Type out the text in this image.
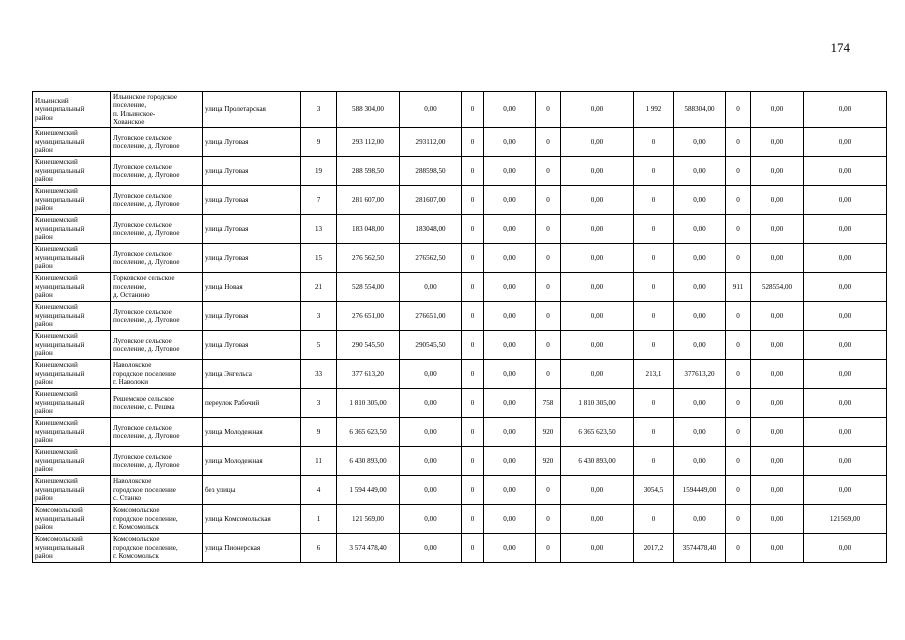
174
Ильинский
муниципальный
район	Ильинское городское
поселение,
п. Ильинское-
Хованское	улица Пролетарская	3	588 304,00	0,00	0	0,00	0	0,00	1 992	588304,00	0	0,00	0,00
Кинешемский
муниципальный
район	Луговское сельское
поселение, д. Луговое	улица Луговая	9	293 112,00	293112,00	0	0,00	0	0,00	0	0,00	0	0,00	0,00
Кинешемский
муниципальный
район	Луговское сельское
поселение, д. Луговое	улица Луговая	19	288 598,50	288598,50	0	0,00	0	0,00	0	0,00	0	0,00	0,00
Кинешемский
муниципальный
район	Луговское сельское
поселение, д. Луговое	улица Луговая	7	281 607,00	281607,00	0	0,00	0	0,00	0	0,00	0	0,00	0,00
Кинешемский
муниципальный
район	Луговское сельское
поселение, д. Луговое	улица Луговая	13	183 048,00	183048,00	0	0,00	0	0,00	0	0,00	0	0,00	0,00
Кинешемский
муниципальный
район	Луговское сельское
поселение, д. Луговое	улица Луговая	15	276 562,50	276562,50	0	0,00	0	0,00	0	0,00	0	0,00	0,00
Кинешемский
муниципальный
район	Горковское сельское
поселение,
д. Останино	улица Новая	21	528 554,00	0,00	0	0,00	0	0,00	0	0,00	911	528554,00	0,00
Кинешемский
муниципальный
район	Луговское сельское
поселение, д. Луговое	улица Луговая	3	276 651,00	276651,00	0	0,00	0	0,00	0	0,00	0	0,00	0,00
Кинешемский
муниципальный
район	Луговское сельское
поселение, д. Луговое	улица Луговая	5	290 545,50	290545,50	0	0,00	0	0,00	0	0,00	0	0,00	0,00
Кинешемский
муниципальный
район	Наволокское
городское поселение
г. Наволоки	улица Энгельса	33	377 613,20	0,00	0	0,00	0	0,00	213,1	377613,20	0	0,00	0,00
Кинешемский
муниципальный
район	Решемское сельское
поселение, с. Решма	переулок Рабочий	3	1 810 305,00	0,00	0	0,00	758	1 810 305,00	0	0,00	0	0,00	0,00
Кинешемский
муниципальный
район	Луговское сельское
поселение, д. Луговое	улица Молодежная	9	6 365 623,50	0,00	0	0,00	920	6 365 623,50	0	0,00	0	0,00	0,00
Кинешемский
муниципальный
район	Луговское сельское
поселение, д. Луговое	улица Молодежная	11	6 430 893,00	0,00	0	0,00	920	6 430 893,00	0	0,00	0	0,00	0,00
Кинешемский
муниципальный
район	Наволокское
городское поселение
с. Станко	без улицы	4	1 594 449,00	0,00	0	0,00	0	0,00	3054,5	1594449,00	0	0,00	0,00
Комсомольский
муниципальный
район	Комсомольское
городское поселение,
г. Комсомольск	улица Комсомольская	1	121 569,00	0,00	0	0,00	0	0,00	0	0,00	0	0,00	121569,00
Комсомольский
муниципальный
район	Комсомольское
городское поселение,
г. Комсомольск	улица Пионерская	6	3 574 478,40	0,00	0	0,00	0	0,00	2017,2	3574478,40	0	0,00	0,00
